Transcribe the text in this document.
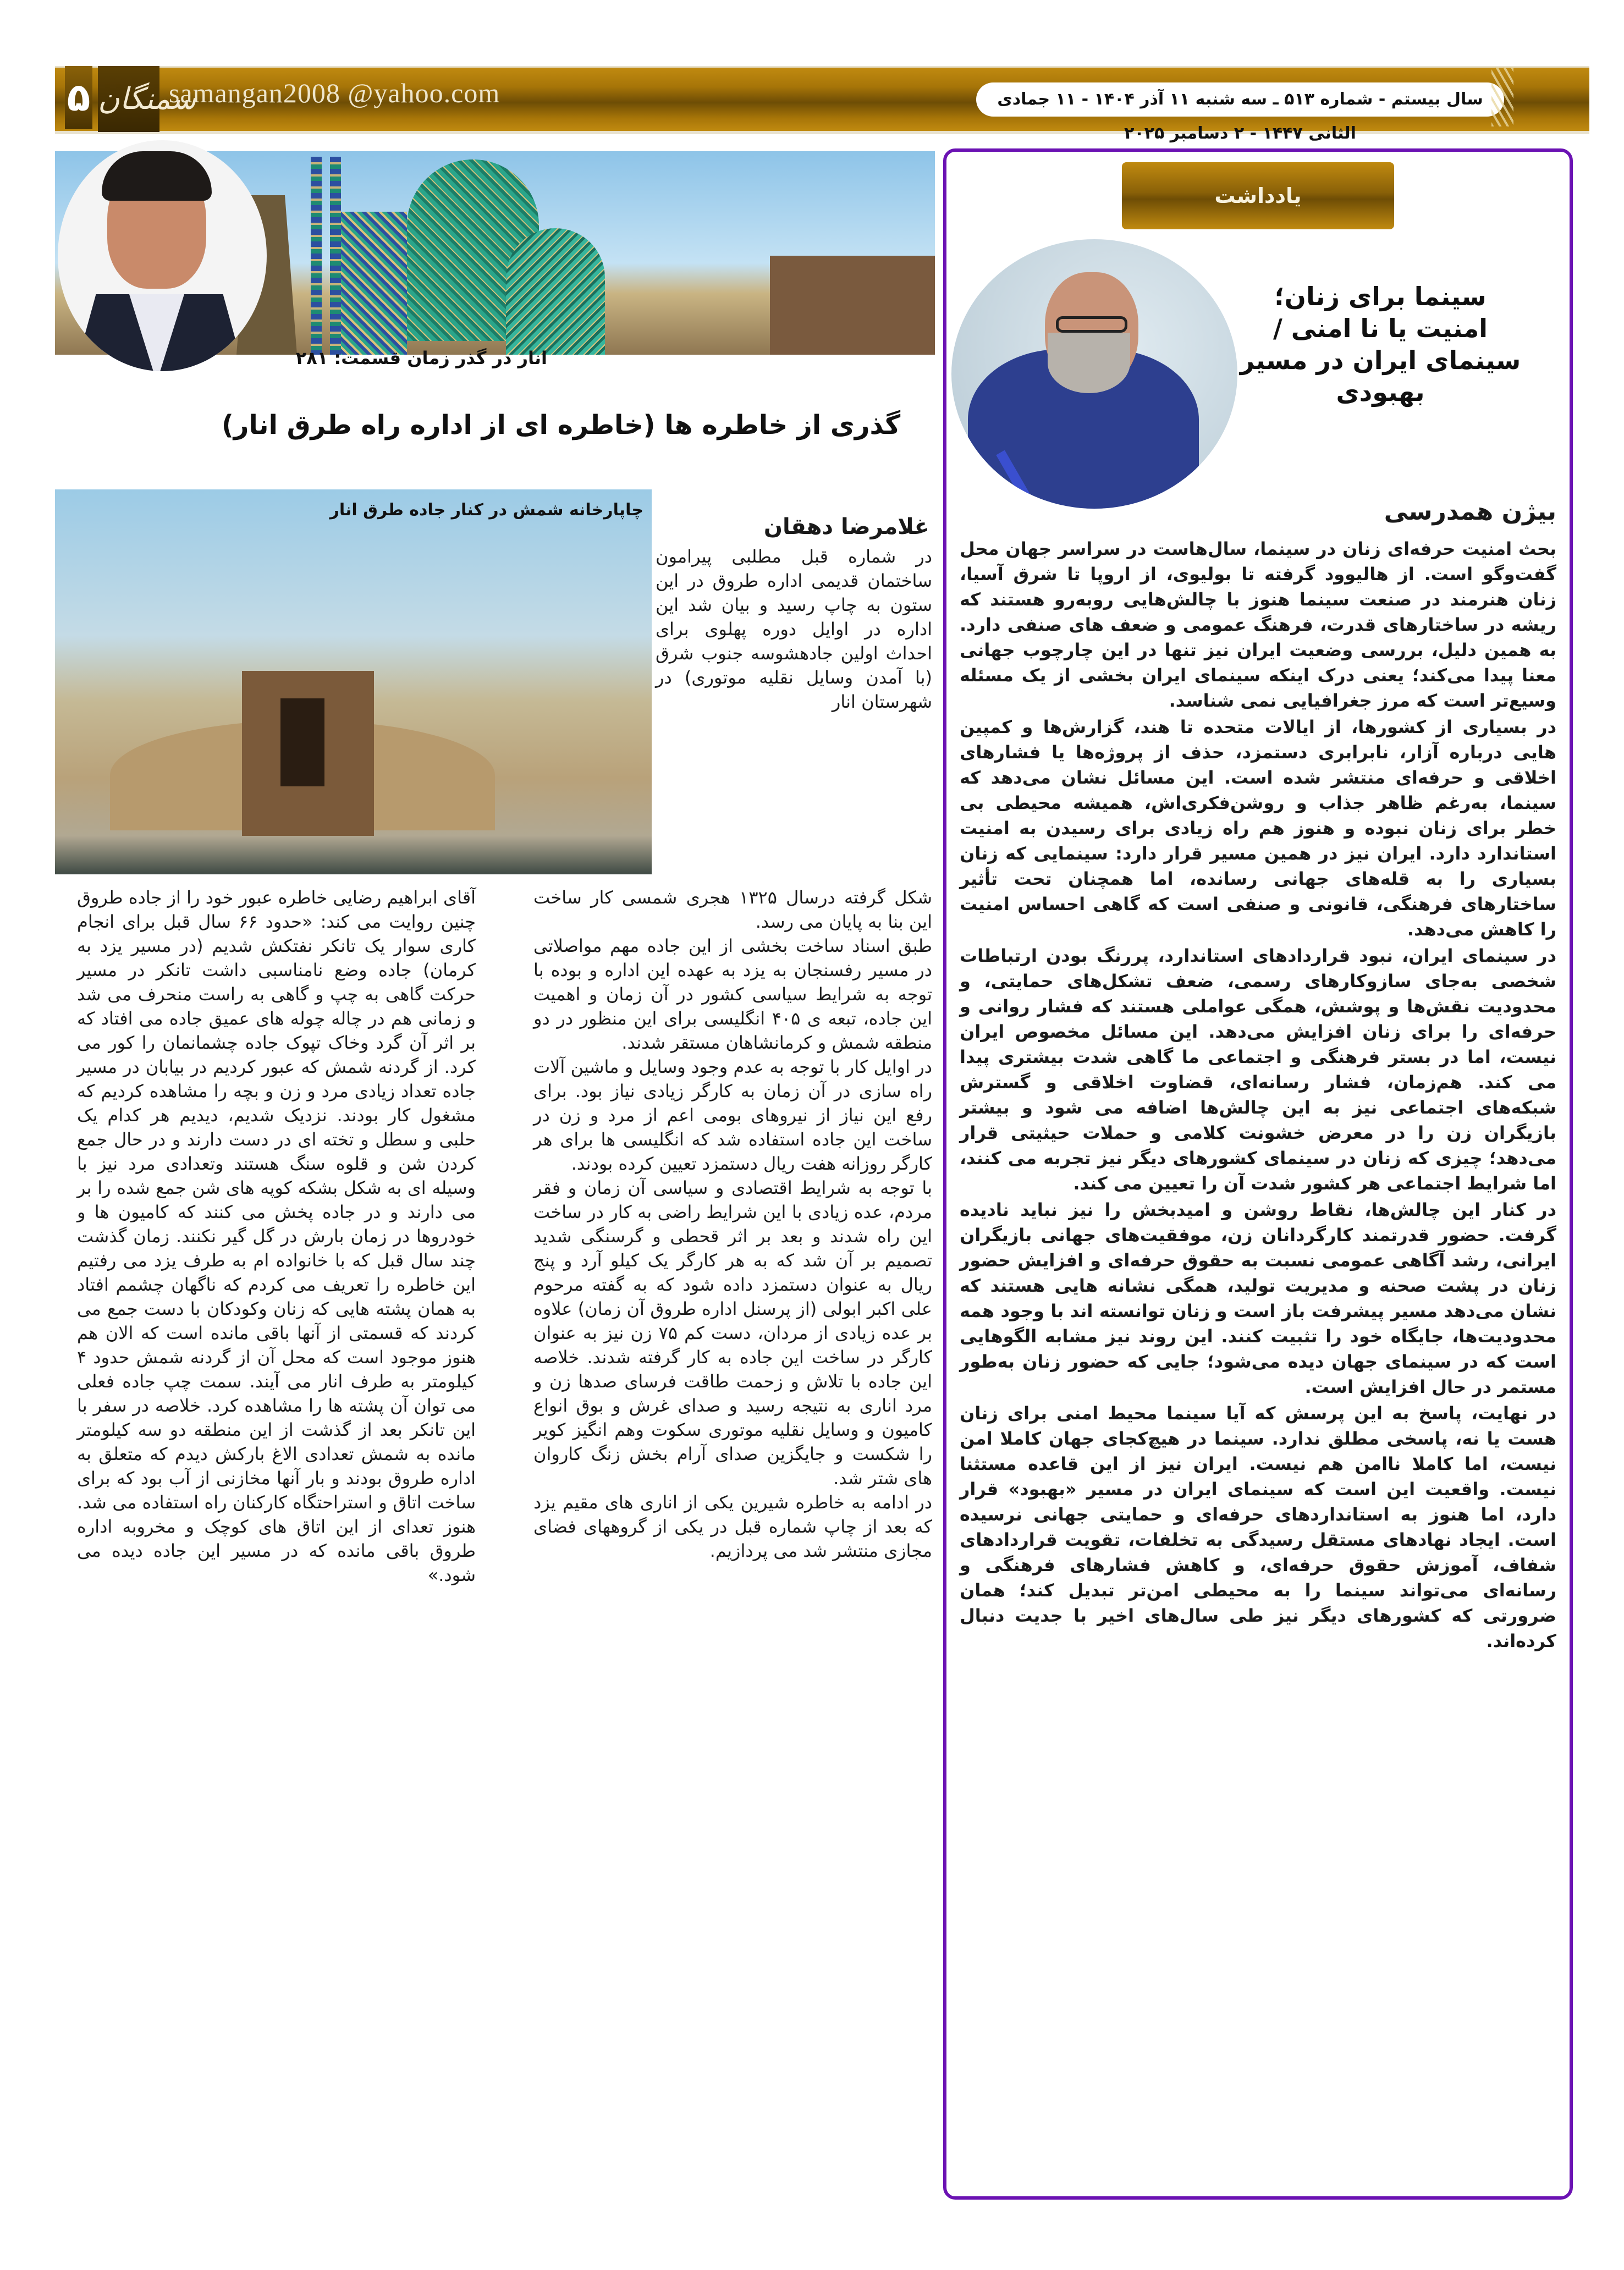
۵ سمنگان
samangan2008 @yahoo.com	سال بیستم - شماره ۵۱۳ ـ سه شنبه ۱۱ آذر ۱۴۰۴ - ۱۱ جمادی الثانی ۱۴۴۷ - ۲ دسامبر ۲۰۲۵
انار در گذر زمان قسمت: ۲۸۱
گذری از خاطره ها (خاطره ای از اداره راه طرق انار)
چاپارخانه شمش در کنار جاده طرق انار
غلامرضا دهقان

در شماره قبل مطلبی پیرامون ساختمان قدیمی اداره طروق در این ستون به چاپ رسید و بیان شد این اداره در اوایل دوره پهلوی برای احداث اولین جادهشوسه جنوب شرق (با آمدن وسایل نقلیه موتوری) در شهرستان انار

شکل گرفته درسال ۱۳۲۵ هجری شمسی کار ساخت این بنا به پایان می رسد.

طبق اسناد ساخت بخشی از این جاده مهم مواصلاتی در مسیر رفسنجان به یزد به عهده این اداره و بوده با توجه به شرایط سیاسی کشور در آن زمان و اهمیت این جاده، تبعه ی ۴۰۵ انگلیسی برای این منظور در دو منطقه شمش و کرمانشاهان مستقر شدند.

در اوایل کار با توجه به عدم وجود وسایل و ماشین آلات راه سازی در آن زمان به کارگر زیادی نیاز بود. برای رفع این نیاز از نیروهای بومی اعم از مرد و زن در ساخت این جاده استفاده شد که انگلیسی ها برای هر کارگر روزانه هفت ریال دستمزد تعیین کرده بودند.

با توجه به شرایط اقتصادی و سیاسی آن زمان و فقر مردم، عده زیادی با این شرایط راضی به کار در ساخت این راه شدند و بعد بر اثر قحطی و گرسنگی شدید تصمیم بر آن شد که به هر کارگر یک کیلو آرد و پنج ریال به عنوان دستمزد داده شود که به گفته مرحوم علی اکبر ابولی (از پرسنل اداره طروق آن زمان) علاوه بر عده زیادی از مردان، دست کم ۷۵ زن نیز به عنوان کارگر در ساخت این جاده به کار گرفته شدند. خلاصه این جاده با تلاش و زحمت طاقت فرسای صدها زن و مرد اناری به نتیجه رسید و صدای غرش و بوق انواع کامیون و وسایل نقلیه موتوری سکوت وهم انگیز کویر را شکست و جایگزین صدای آرام بخش زنگ کاروان های شتر شد.

در ادامه به خاطره شیرین یکی از اناری های مقیم یزد که بعد از چاپ شماره قبل در یکی از گروههای فضای مجازی منتشر شد می پردازیم.

آقای ابراهیم رضایی خاطره عبور خود را از جاده طروق چنین روایت می کند: «حدود ۶۶ سال قبل برای انجام کاری سوار یک تانکر نفتکش شدیم (در مسیر یزد به کرمان) جاده وضع نامناسبی داشت تانکر در مسیر حرکت گاهی به چپ و گاهی به راست منحرف می شد و زمانی هم در چاله چوله های عمیق جاده می افتاد که بر اثر آن گرد وخاک تپوک جاده چشمانمان را کور می کرد. از گردنه شمش که عبور کردیم در بیابان در مسیر جاده تعداد زیادی مرد و زن و بچه را مشاهده کردیم که مشغول کار بودند. نزدیک شدیم، دیدیم هر کدام یک حلبی و سطل و تخته ای در دست دارند و در حال جمع کردن شن و قلوه سنگ هستند وتعدادی مرد نیز با وسیله ای به شکل بشکه کوپه های شن جمع شده را بر می دارند و در جاده پخش می کنند که کامیون ها و خودروها در زمان بارش در گل گیر نکنند. زمان گذشت چند سال قبل که با خانواده ام به طرف یزد می رفتیم این خاطره را تعریف می کردم که ناگهان چشمم افتاد به همان پشته هایی که زنان وکودکان با دست جمع می کردند که قسمتی از آنها باقی مانده است که الان هم هنوز موجود است که محل آن از گردنه شمش حدود ۴ کیلومتر به طرف انار می آیند. سمت چپ جاده فعلی می توان آن پشته ها را مشاهده کرد. خلاصه در سفر با این تانکر بعد از گذشت از این منطقه دو سه کیلومتر مانده به شمش تعدادی الاغ بارکش دیدم که متعلق به اداره طروق بودند و بار آنها مخازنی از آب بود که برای ساخت اتاق و استراحتگاه کارکنان راه استفاده می شد. هنوز تعدای از این اتاق های کوچک و مخروبه اداره طروق باقی مانده که در مسیر این جاده دیده می شود.»

یادداشت
سینما برای زنان؛ امنیت یا نا امنی / سینمای ایران در مسیر بهبودی
بیژن همدرسی

بحث امنیت حرفه‌ای زنان در سینما، سال‌هاست در سراسر جهان محل گفت‌وگو است. از هالیوود گرفته تا بولیوی، از اروپا تا شرق آسیا، زنان هنرمند در صنعت سینما هنوز با چالش‌هایی روبه‌رو هستند که ریشه در ساختارهای قدرت، فرهنگ عمومی و ضعف های صنفی دارد. به همین دلیل، بررسی وضعیت ایران نیز تنها در این چارچوب جهانی معنا پیدا می‌کند؛ یعنی درک اینکه سینمای ایران بخشی از یک مسئله وسیع‌تر است که مرز جغرافیایی نمی شناسد.

در بسیاری از کشورها، از ایالات متحده تا هند، گزارش‌ها و کمپین هایی درباره آزار، نابرابری دستمزد، حذف از پروژه‌ها یا فشارهای اخلاقی و حرفه‌ای منتشر شده است. این مسائل نشان می‌دهد که سینما، به‌رغم ظاهر جذاب و روشن‌فکری‌اش، همیشه محیطی بی خطر برای زنان نبوده و هنوز هم راه زیادی برای رسیدن به امنیت استاندارد دارد. ایران نیز در همین مسیر قرار دارد: سینمایی که زنان بسیاری را به قله‌های جهانی رسانده، اما همچنان تحت تأثیر ساختارهای فرهنگی، قانونی و صنفی است که گاهی احساس امنیت را کاهش می‌دهد.

در سینمای ایران، نبود قراردادهای استاندارد، پررنگ بودن ارتباطات شخصی به‌جای سازوکارهای رسمی، ضعف تشکل‌های حمایتی، و محدودیت نقش‌ها و پوشش، همگی عواملی هستند که فشار روانی و حرفه‌ای را برای زنان افزایش می‌دهد. این مسائل مخصوص ایران نیست، اما در بستر فرهنگی و اجتماعی ما گاهی شدت بیشتری پیدا می کند. هم‌زمان، فشار رسانه‌ای، قضاوت اخلاقی و گسترش شبکه‌های اجتماعی نیز به این چالش‌ها اضافه می شود و بیشتر بازیگران زن را در معرض خشونت کلامی و حملات حیثیتی قرار می‌دهد؛ چیزی که زنان در سینمای کشورهای دیگر نیز تجربه می کنند، اما شرایط اجتماعی هر کشور شدت آن را تعیین می کند.

در کنار این چالش‌ها، نقاط روشن و امیدبخش را نیز نباید نادیده گرفت. حضور قدرتمند کارگردانان زن، موفقیت‌های جهانی بازیگران ایرانی، رشد آگاهی عمومی نسبت به حقوق حرفه‌ای و افزایش حضور زنان در پشت صحنه و مدیریت تولید، همگی نشانه هایی هستند که نشان می‌دهد مسیر پیشرفت باز است و زنان توانسته اند با وجود همه محدودیت‌ها، جایگاه خود را تثبیت کنند. این روند نیز مشابه الگوهایی است که در سینمای جهان دیده می‌شود؛ جایی که حضور زنان به‌طور مستمر در حال افزایش است.

در نهایت، پاسخ به این پرسش که آیا سینما محیط امنی برای زنان هست یا نه، پاسخی مطلق ندارد. سینما در هیچ‌کجای جهان کاملا امن نیست، اما کاملا ناامن هم نیست. ایران نیز از این قاعده مستثنا نیست. واقعیت این است که سینمای ایران در مسیر «بهبود» قرار دارد، اما هنوز به استانداردهای حرفه‌ای و حمایتی جهانی نرسیده است. ایجاد نهادهای مستقل رسیدگی به تخلفات، تقویت قراردادهای شفاف، آموزش حقوق حرفه‌ای، و کاهش فشارهای فرهنگی و رسانه‌ای می‌تواند سینما را به محیطی امن‌تر تبدیل کند؛ همان ضرورتی که کشورهای دیگر نیز طی سال‌های اخیر با جدیت دنبال کرده‌اند.
